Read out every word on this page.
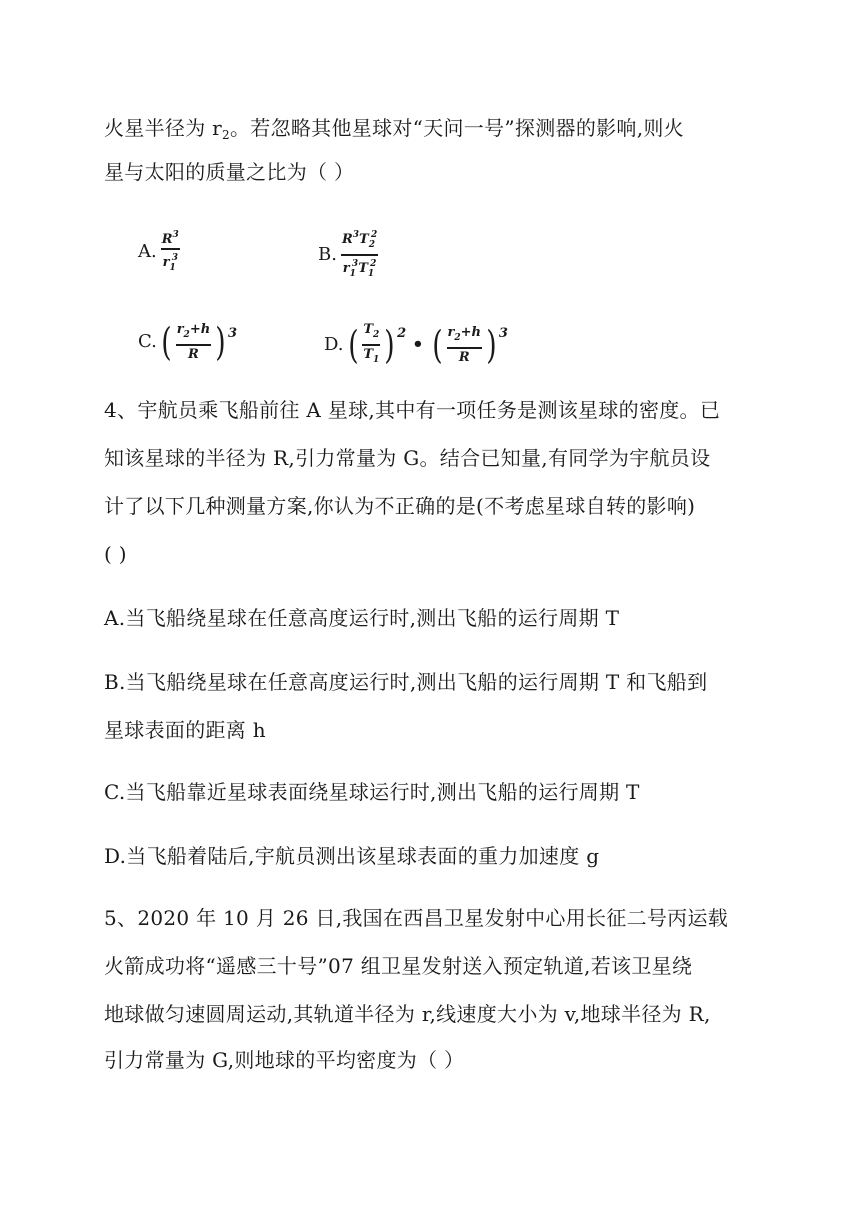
火星半径为 $r_2$。若忽略其他星球对“天问一号”探测器的影响,则火
星与太阳的质量之比为（ ）
A. $\frac{R^3}{r_1^3}$	B. $\frac{R^3T_2^2}{r_1^3T_1^2}$
C. ( $\frac{r_2+h}{R}$ ) 3
D. ( $\frac{T_2}{T_1}$ ) 2
• ( $\frac{r_2+h}{R}$ ) 3
4、宇航员乘飞船前往 A 星球,其中有一项任务是测该星球的密度。已
知该星球的半径为 R,引力常量为 G。结合已知量,有同学为宇航员设
计了以下几种测量方案,你认为不正确的是(不考虑星球自转的影响)
( )
A.当飞船绕星球在任意高度运行时,测出飞船的运行周期 T
B.当飞船绕星球在任意高度运行时,测出飞船的运行周期 T 和飞船到
星球表面的距离 h
C.当飞船靠近星球表面绕星球运行时,测出飞船的运行周期 T
D.当飞船着陆后,宇航员测出该星球表面的重力加速度 g
5、2020 年 10 月 26 日,我国在西昌卫星发射中心用长征二号丙运载
火箭成功将“遥感三十号”07 组卫星发射送入预定轨道,若该卫星绕
地球做匀速圆周运动,其轨道半径为 r,线速度大小为 v,地球半径为 R,
引力常量为 G,则地球的平均密度为（ ）
